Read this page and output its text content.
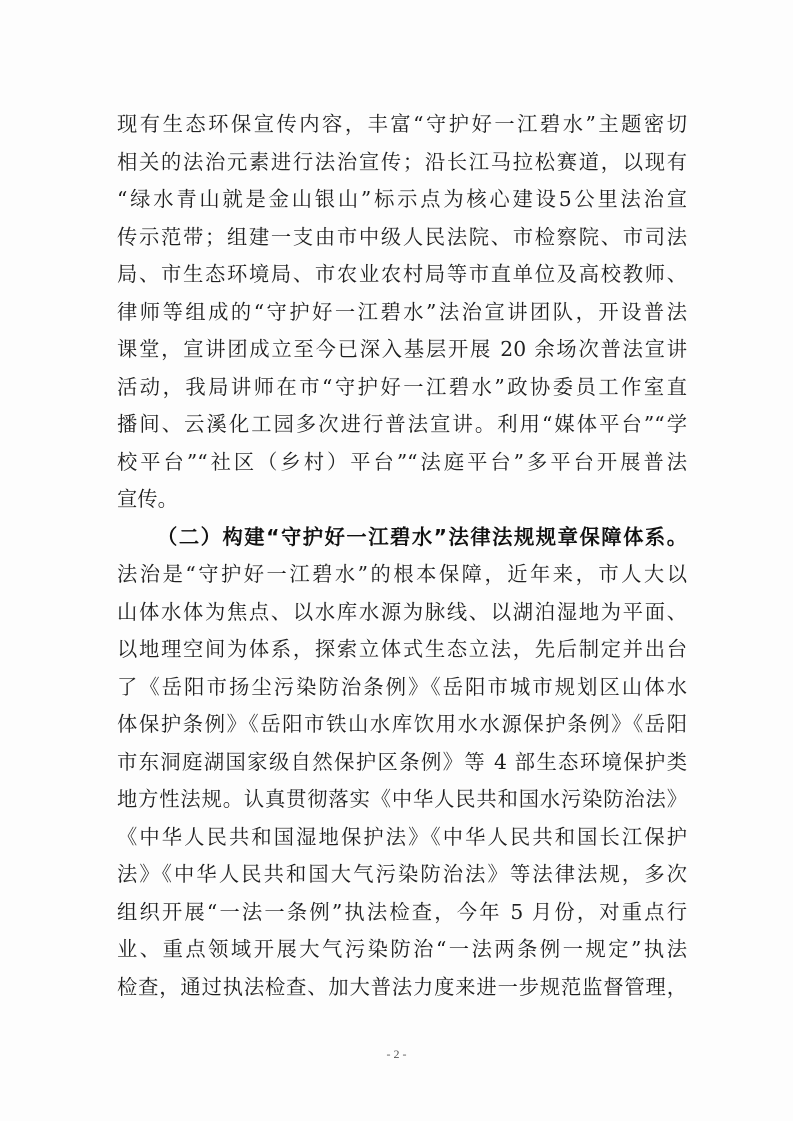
现有生态环保宣传内容，丰富“守护好一江碧水”主题密切
相关的法治元素进行法治宣传；沿长江马拉松赛道，以现有
“绿水青山就是金山银山”标示点为核心建设5公里法治宣
传示范带；组建一支由市中级人民法院、市检察院、市司法
局、市生态环境局、市农业农村局等市直单位及高校教师、
律师等组成的“守护好一江碧水”法治宣讲团队，开设普法
课堂，宣讲团成立至今已深入基层开展 20 余场次普法宣讲
活动，我局讲师在市“守护好一江碧水”政协委员工作室直
播间、云溪化工园多次进行普法宣讲。利用“媒体平台”“学
校平台”“社区（乡村）平台”“法庭平台”多平台开展普法
宣传。
（二）构建“守护好一江碧水”法律法规规章保障体系。
法治是“守护好一江碧水”的根本保障，近年来，市人大以
山体水体为焦点、以水库水源为脉线、以湖泊湿地为平面、
以地理空间为体系，探索立体式生态立法，先后制定并出台
了《岳阳市扬尘污染防治条例》《岳阳市城市规划区山体水
体保护条例》《岳阳市铁山水库饮用水水源保护条例》《岳阳
市东洞庭湖国家级自然保护区条例》等 4 部生态环境保护类
地方性法规。认真贯彻落实《中华人民共和国水污染防治法》
《中华人民共和国湿地保护法》《中华人民共和国长江保护
法》《中华人民共和国大气污染防治法》等法律法规，多次
组织开展“一法一条例”执法检查，今年 5 月份，对重点行
业、重点领域开展大气污染防治“一法两条例一规定”执法
检查，通过执法检查、加大普法力度来进一步规范监督管理，
- 2 -
